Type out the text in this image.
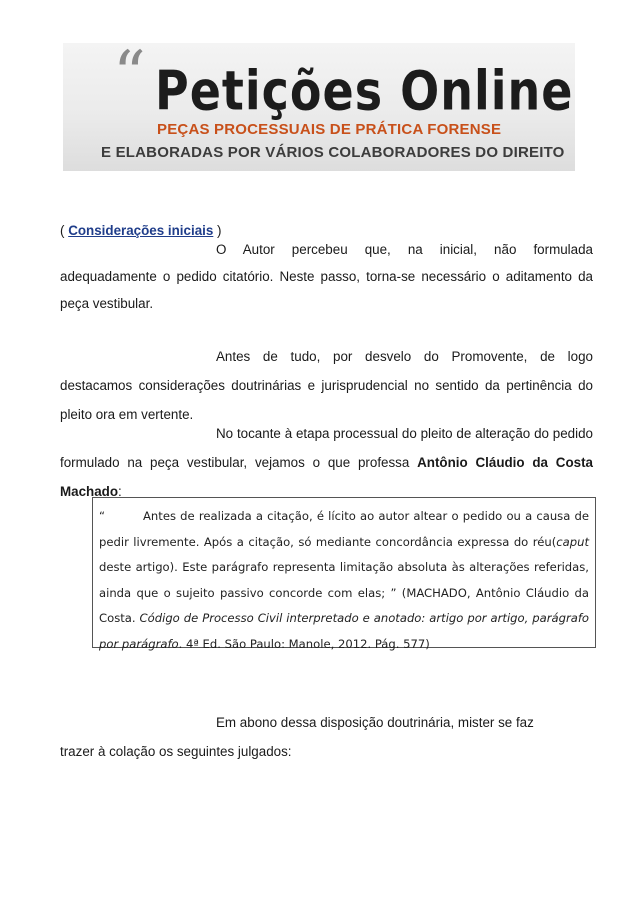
“ Petições Online
PEÇAS PROCESSUAIS DE PRÁTICA FORENSE
E ELABORADAS POR VÁRIOS COLABORADORES DO DIREITO
( Considerações iniciais )
O Autor percebeu que, na inicial, não formulada adequadamente o pedido citatório. Neste passo, torna-se necessário o aditamento da peça vestibular.
Antes de tudo, por desvelo do Promovente, de logo destacamos considerações doutrinárias e jurisprudencial no sentido da pertinência do pleito ora em vertente.
No tocante à etapa processual do pleito de alteração do pedido formulado na peça vestibular, vejamos o que professa Antônio Cláudio da Costa Machado:
“	Antes de realizada a citação, é lícito ao autor altear o pedido ou a causa de pedir livremente. Após a citação, só mediante concordância expressa do réu(caput deste artigo). Este parágrafo representa limitação absoluta às alterações referidas, ainda que o sujeito passivo concorde com elas; ” (MACHADO, Antônio Cláudio da Costa. Código de Processo Civil interpretado e anotado: artigo por artigo, parágrafo por parágrafo. 4ª Ed. São Paulo: Manole, 2012. Pág. 577)
Em abono dessa disposição doutrinária, mister se faz trazer à colação os seguintes julgados:
